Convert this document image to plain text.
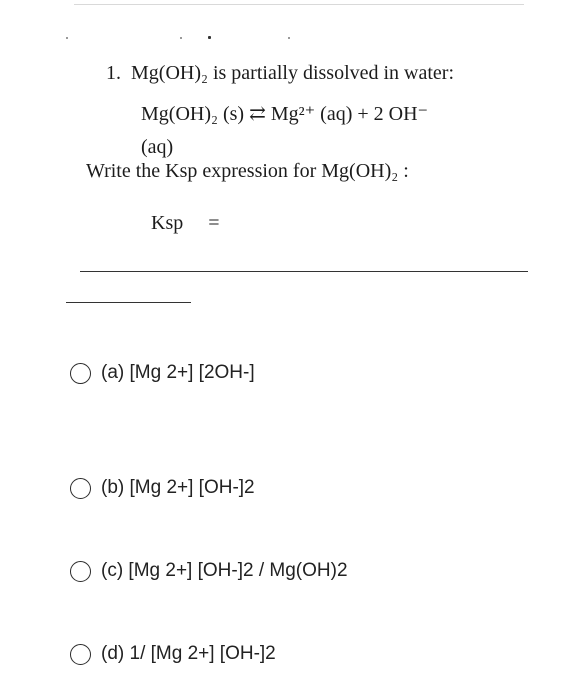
1. Mg(OH)₂ is partially dissolved in water:
Mg(OH)₂ (s) ⇄ Mg²⁺ (aq) + 2 OH⁻
(aq)
Write the Ksp expression for Mg(OH)₂ :
Ksp =
(a) [Mg 2+] [2OH-]
(b) [Mg 2+] [OH-]2
(c) [Mg 2+] [OH-]2 / Mg(OH)2
(d) 1/ [Mg 2+] [OH-]2
